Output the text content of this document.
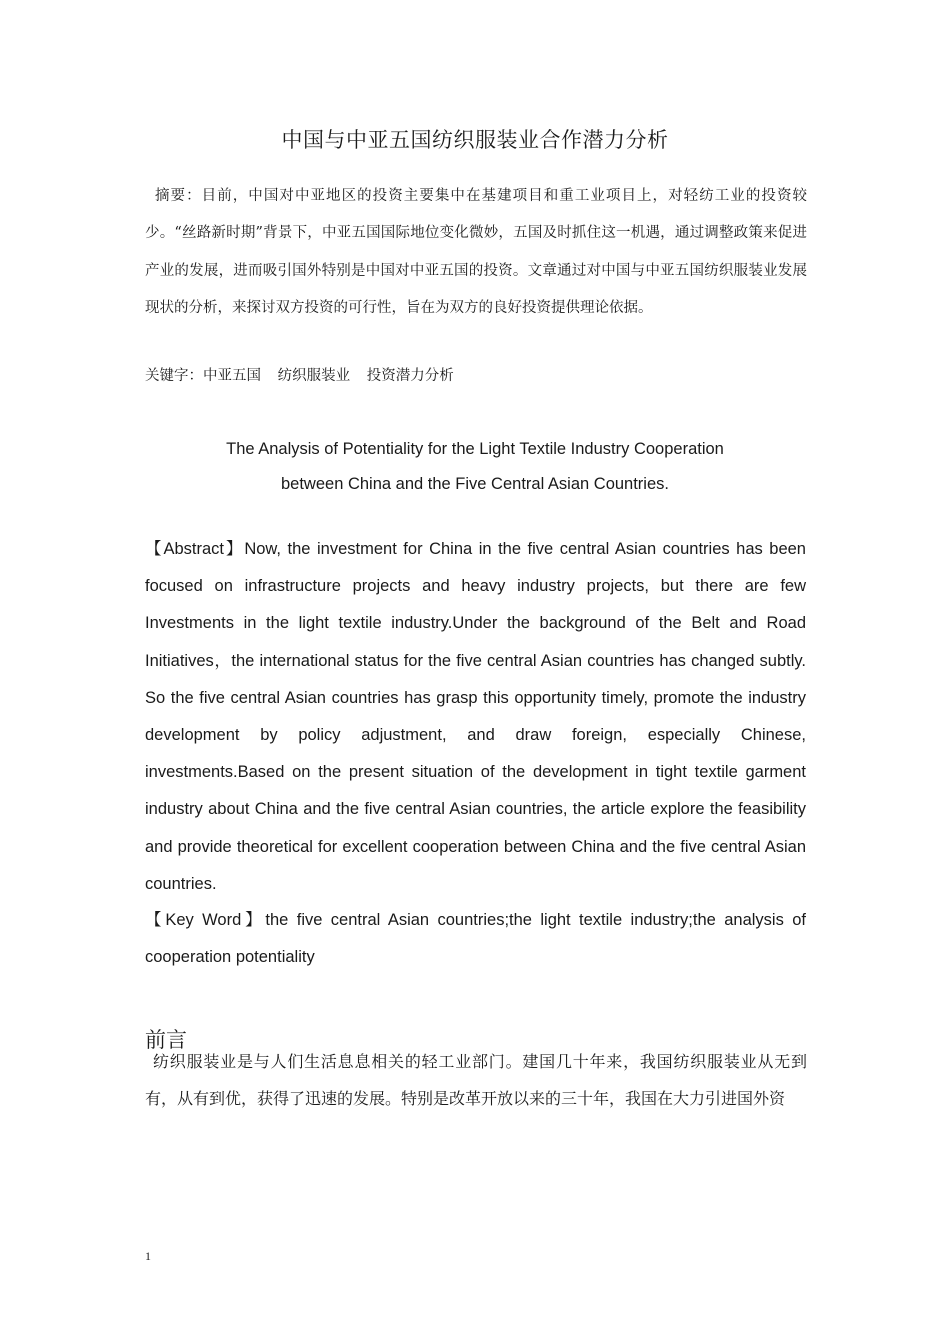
中国与中亚五国纺织服装业合作潜力分析
摘要：目前，中国对中亚地区的投资主要集中在基建项目和重工业项目上，对轻纺工业的投资较少。“丝路新时期”背景下，中亚五国国际地位变化微妙，五国及时抓住这一机遇，通过调整政策来促进产业的发展，进而吸引国外特别是中国对中亚五国的投资。文章通过对中国与中亚五国纺织服装业发展现状的分析，来探讨双方投资的可行性，旨在为双方的良好投资提供理论依据。
关键字：中亚五国 纺织服装业 投资潜力分析
The Analysis of Potentiality for the Light Textile Industry Cooperation
between China and the Five Central Asian Countries.
【Abstract】Now, the investment for China in the five central Asian countries has been focused on infrastructure projects and heavy industry projects, but there are few Investments in the light textile industry.Under the background of the Belt and Road Initiatives，the international status for the five central Asian countries has changed subtly. So the five central Asian countries has grasp this opportunity timely, promote the industry development by policy adjustment, and draw foreign, especially Chinese, investments.Based on the present situation of the development in tight textile garment industry about China and the five central Asian countries, the article explore the feasibility and provide theoretical for excellent cooperation between China and the five central Asian countries.
【Key Word】the five central Asian countries;the light textile industry;the analysis of cooperation potentiality
前言
纺织服装业是与人们生活息息相关的轻工业部门。建国几十年来，我国纺织服装业从无到有，从有到优，获得了迅速的发展。特别是改革开放以来的三十年，我国在大力引进国外资
1
